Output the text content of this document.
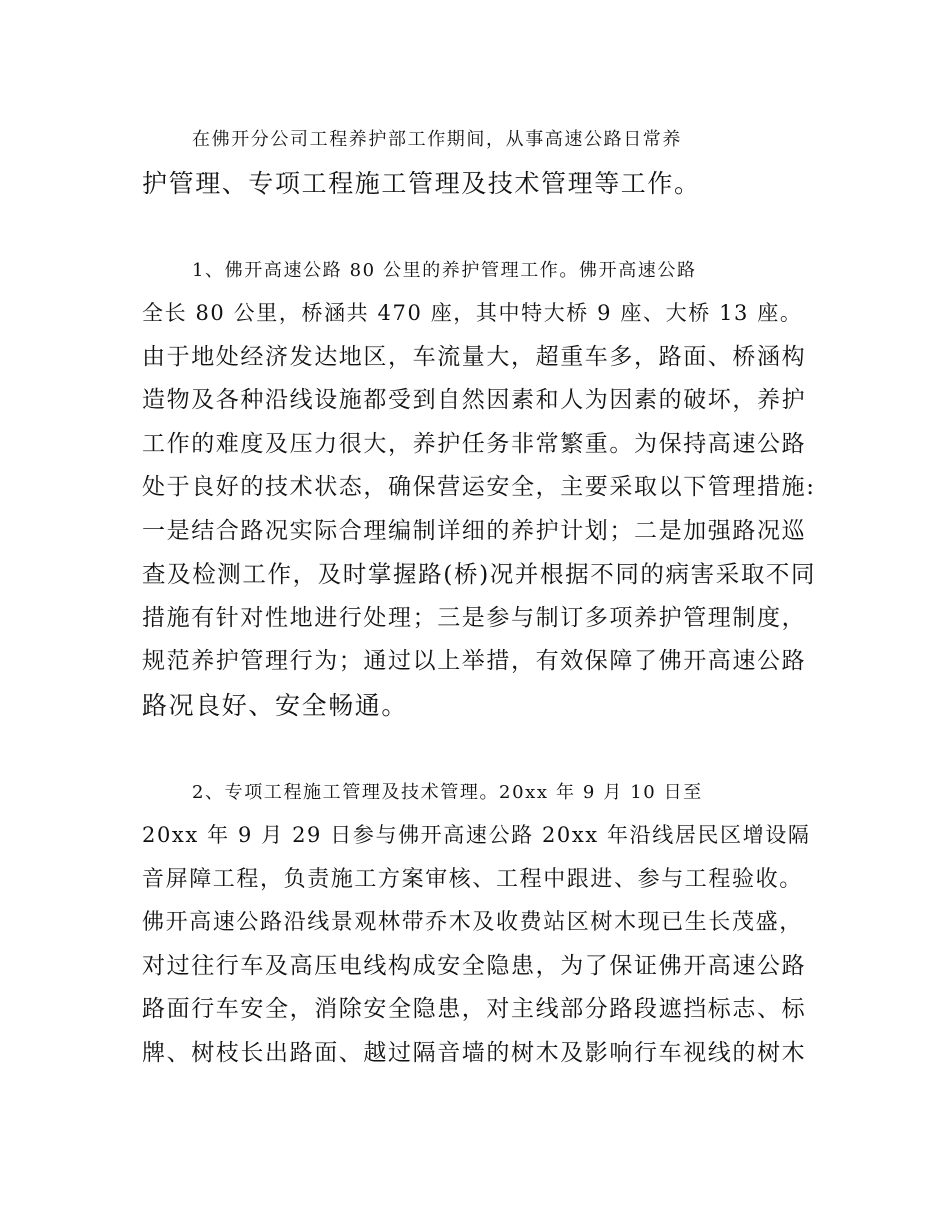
在佛开分公司工程养护部工作期间，从事高速公路日常养
护管理、专项工程施工管理及技术管理等工作。

1、佛开高速公路 80 公里的养护管理工作。佛开高速公路
全长 80 公里，桥涵共 470 座，其中特大桥 9 座、大桥 13 座。
由于地处经济发达地区，车流量大，超重车多，路面、桥涵构
造物及各种沿线设施都受到自然因素和人为因素的破坏，养护
工作的难度及压力很大，养护任务非常繁重。为保持高速公路
处于良好的技术状态，确保营运安全，主要采取以下管理措施:
一是结合路况实际合理编制详细的养护计划；二是加强路况巡
查及检测工作，及时掌握路(桥)况并根据不同的病害采取不同
措施有针对性地进行处理；三是参与制订多项养护管理制度，
规范养护管理行为；通过以上举措，有效保障了佛开高速公路
路况良好、安全畅通。

2、专项工程施工管理及技术管理。20xx 年 9 月 10 日至
20xx 年 9 月 29 日参与佛开高速公路 20xx 年沿线居民区增设隔
音屏障工程，负责施工方案审核、工程中跟进、参与工程验收。
佛开高速公路沿线景观林带乔木及收费站区树木现已生长茂盛，
对过往行车及高压电线构成安全隐患，为了保证佛开高速公路
路面行车安全，消除安全隐患，对主线部分路段遮挡标志、标
牌、树枝长出路面、越过隔音墙的树木及影响行车视线的树木
